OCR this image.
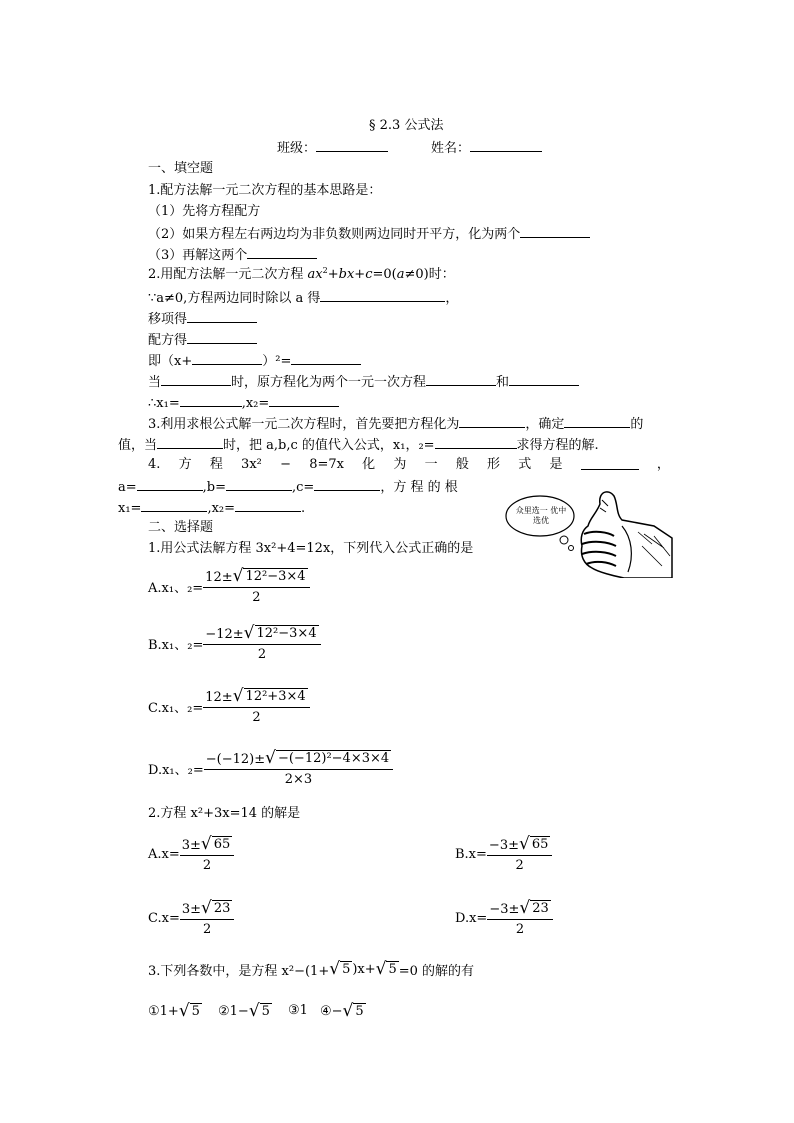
§ 2.3 公式法
班级：	姓名：
一、填空题
1.配方法解一元二次方程的基本思路是：
（1）先将方程配方
（2）如果方程左右两边均为非负数则两边同时开平方，化为两个
（3）再解这两个
2.用配方法解一元二次方程 $ax^2+bx+c=0(a\ne 0)$时：
∵a≠0,方程两边同时除以 a 得	，
移项得
配方得
即（x+	）²=
当	时，原方程化为两个一元一次方程	和
∴x₁=	,x₂=
3.利用求根公式解一元二次方程时，首先要把方程化为	，确定	的
值，当	时，把 a,b,c 的值代入公式，x₁，₂=	求得方程的解.
4. 方 程 3x² − 8=7x 化 为 一 般 形 式 是	，
a=	,b=	,c=	，方 程 的 根
x₁=	,x₂=	.	众里选一 优中选优
二、选择题
1.用公式法解方程 3x²+4=12x，下列代入公式正确的是
A.x₁、$_2= \frac{\text{12± √ 12²−3×4}}{2}$
B.x₁、$_2= \frac{\text{−12± √ 12²−3×4}}{2}$
C.x₁、$_2= \frac{\text{12± √ 12²+3×4}}{2}$
D.x₁、$_2= \frac{\text{−(−12)± √ −(−12)²−4×3×4}}{2\times 3}$
2.方程 x²+3x=14 的解是
$A.x= \frac{3\pm √ 65}{2}$	$B.x= \frac{-3\pm √ 65}{2}$
$C.x= \frac{3\pm √ 23}{2}$	$D.x= \frac{-3\pm √ 23}{2}$
3.下列各数中，是方程 x²−(1+ √ 5 )x+ √ 5 =0 的解的有
①1+ √ 5 ②1− √ 5 ③1 ④− √ 5
